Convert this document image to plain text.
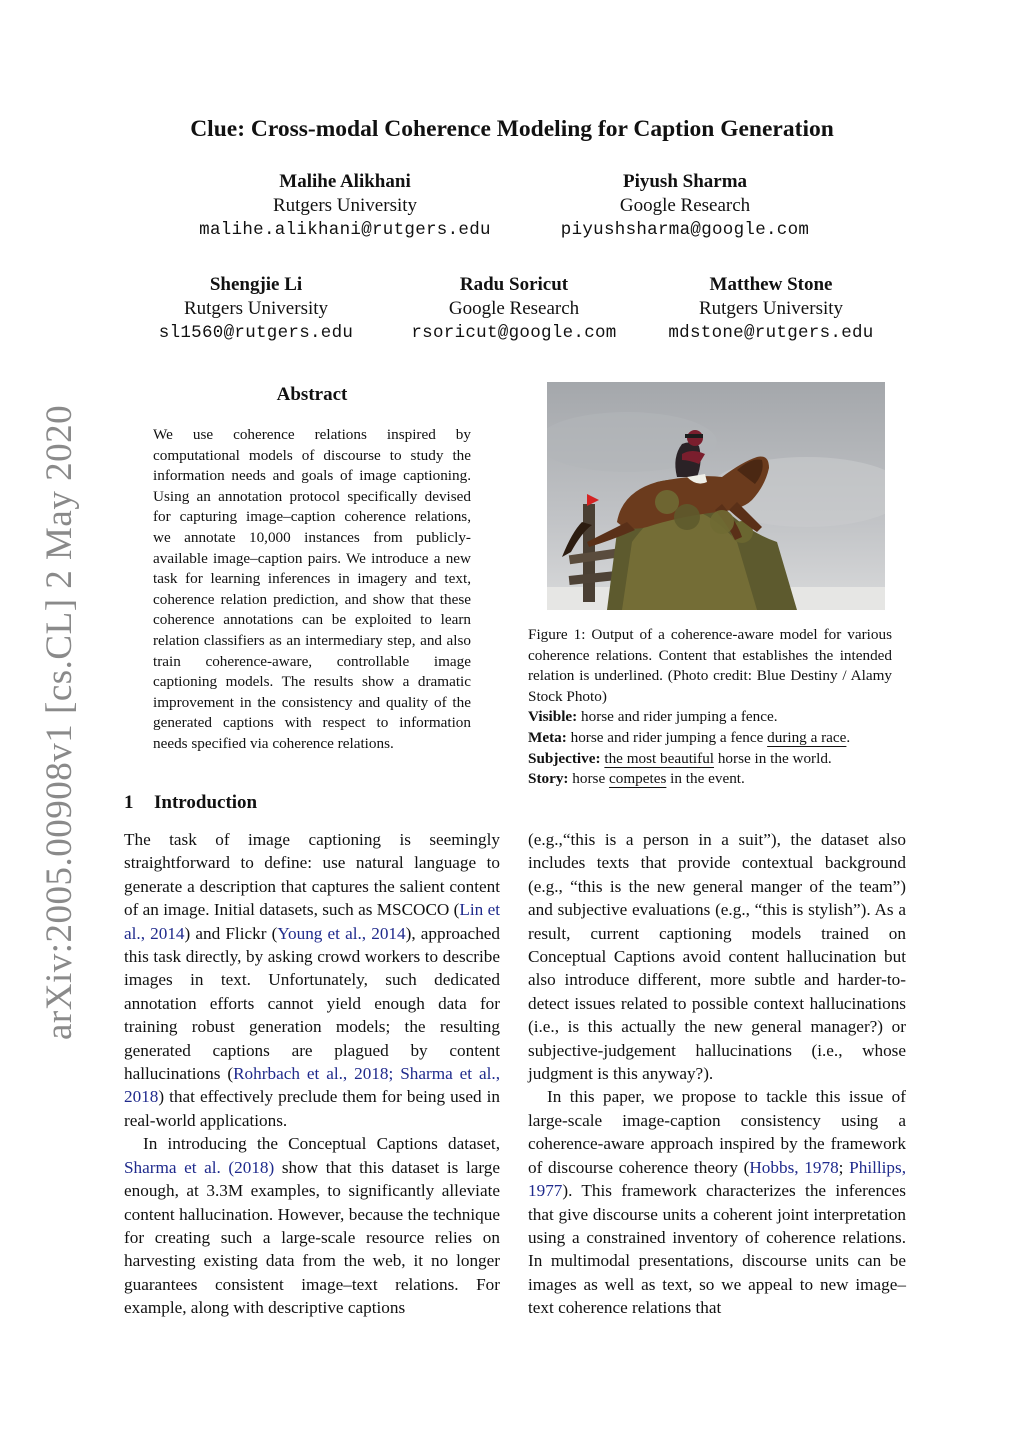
arXiv:2005.00908v1 [cs.CL] 2 May 2020
Clue: Cross-modal Coherence Modeling for Caption Generation
Malihe Alikhani
Rutgers University
malihe.alikhani@rutgers.edu
Piyush Sharma
Google Research
piyushsharma@google.com
Shengjie Li
Rutgers University
sl1560@rutgers.edu
Radu Soricut
Google Research
rsoricut@google.com
Matthew Stone
Rutgers University
mdstone@rutgers.edu
Abstract
We use coherence relations inspired by computational models of discourse to study the information needs and goals of image captioning. Using an annotation protocol specifically devised for capturing image–caption coherence relations, we annotate 10,000 instances from publicly-available image–caption pairs. We introduce a new task for learning inferences in imagery and text, coherence relation prediction, and show that these coherence annotations can be exploited to learn relation classifiers as an intermediary step, and also train coherence-aware, controllable image captioning models. The results show a dramatic improvement in the consistency and quality of the generated captions with respect to information needs specified via coherence relations.
1 Introduction

The task of image captioning is seemingly straightforward to define: use natural language to generate a description that captures the salient content of an image. Initial datasets, such as MSCOCO (Lin et al., 2014) and Flickr (Young et al., 2014), approached this task directly, by asking crowd workers to describe images in text. Unfortunately, such dedicated annotation efforts cannot yield enough data for training robust generation models; the resulting generated captions are plagued by content hallucinations (Rohrbach et al., 2018; Sharma et al., 2018) that effectively preclude them for being used in real-world applications.

In introducing the Conceptual Captions dataset, Sharma et al. (2018) show that this dataset is large enough, at 3.3M examples, to significantly alleviate content hallucination. However, because the technique for creating such a large-scale resource relies on harvesting existing data from the web, it no longer guarantees consistent image–text relations. For example, along with descriptive captions

(e.g.,“this is a person in a suit”), the dataset also includes texts that provide contextual background (e.g., “this is the new general manger of the team”) and subjective evaluations (e.g., “this is stylish”). As a result, current captioning models trained on Conceptual Captions avoid content hallucination but also introduce different, more subtle and harder-to-detect issues related to possible context hallucinations (i.e., is this actually the new general manager?) or subjective-judgement hallucinations (i.e., whose judgment is this anyway?).

In this paper, we propose to tackle this issue of large-scale image-caption consistency using a coherence-aware approach inspired by the framework of discourse coherence theory (Hobbs, 1978; Phillips, 1977). This framework characterizes the inferences that give discourse units a coherent joint interpretation using a constrained inventory of coherence relations. In multimodal presentations, discourse units can be images as well as text, so we appeal to new image–text coherence relations that

Figure 1: Output of a coherence-aware model for various coherence relations. Content that establishes the intended relation is underlined. (Photo credit: Blue Destiny / Alamy Stock Photo)
Visible: horse and rider jumping a fence.
Meta: horse and rider jumping a fence during a race.
Subjective: the most beautiful horse in the world.
Story: horse competes in the event.
